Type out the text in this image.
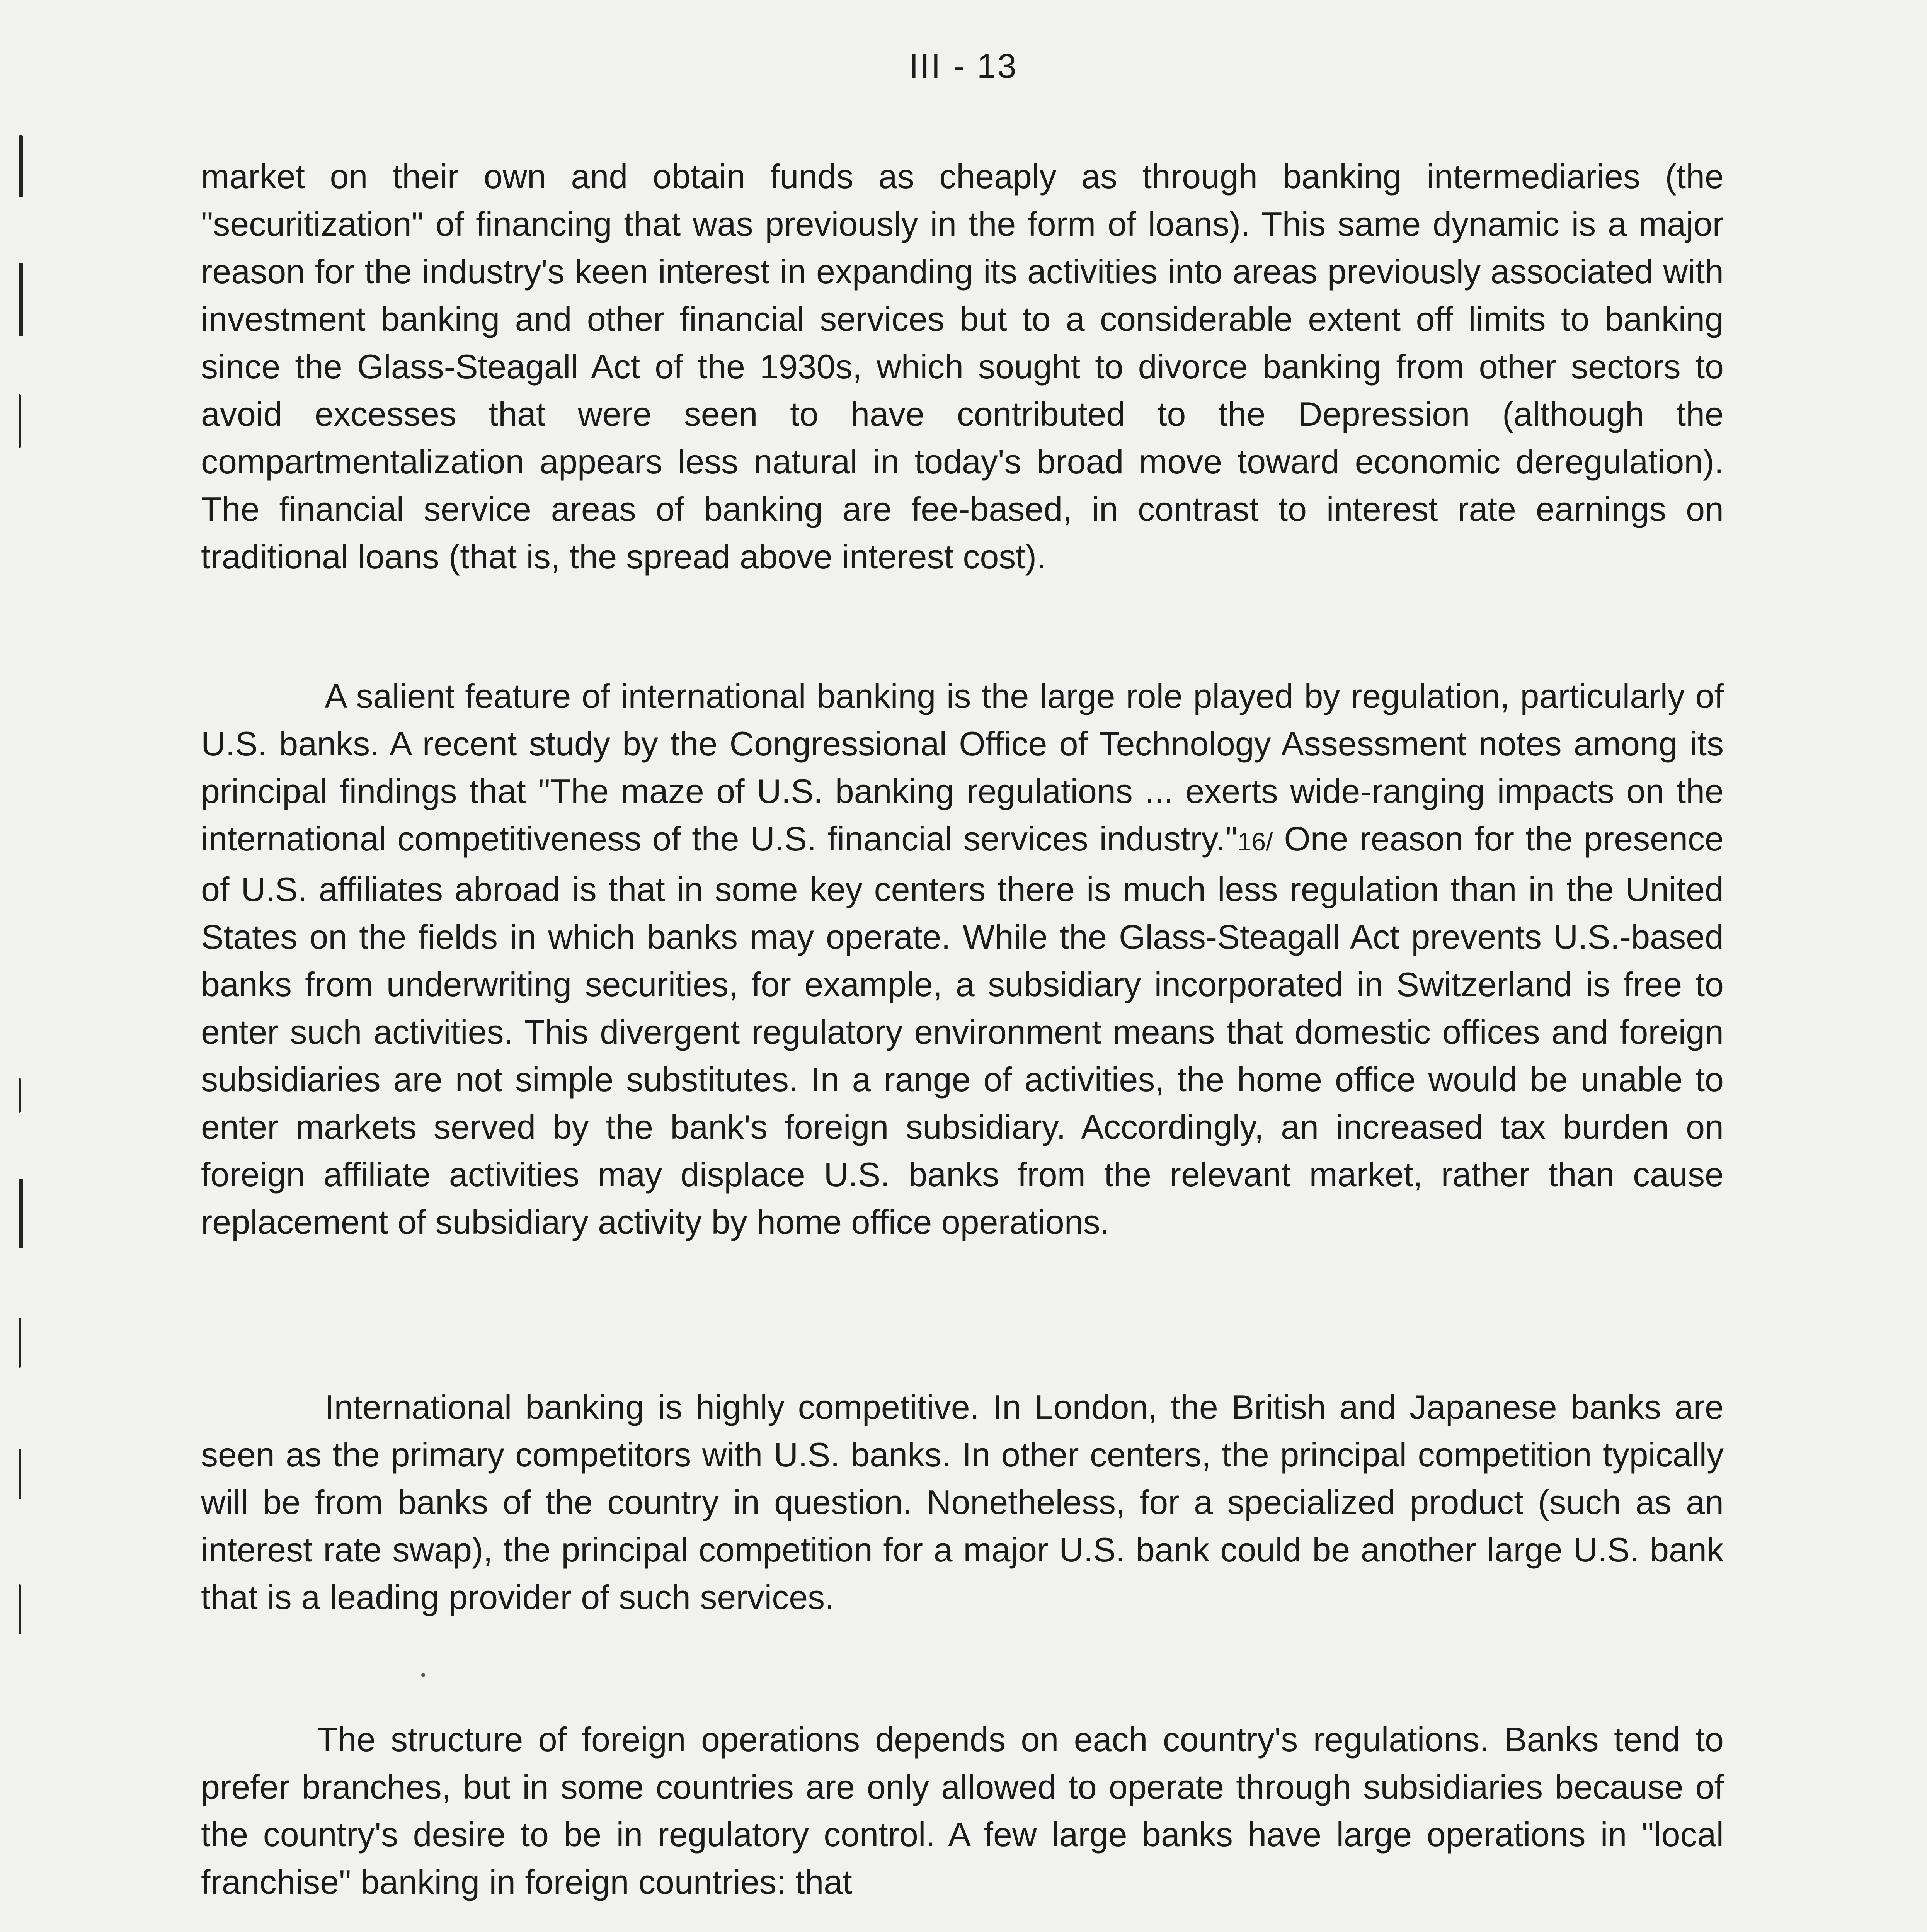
III - 13

market on their own and obtain funds as cheaply as through banking intermediaries (the "securitization" of financing that was previously in the form of loans). This same dynamic is a major reason for the industry's keen interest in expanding its activities into areas previously associated with investment banking and other financial services but to a considerable extent off limits to banking since the Glass-Steagall Act of the 1930s, which sought to divorce banking from other sectors to avoid excesses that were seen to have contributed to the Depression (although the compartmentalization appears less natural in today's broad move toward economic deregulation). The financial service areas of banking are fee-based, in contrast to interest rate earnings on traditional loans (that is, the spread above interest cost).

A salient feature of international banking is the large role played by regulation, particularly of U.S. banks. A recent study by the Congressional Office of Technology Assessment notes among its principal findings that "The maze of U.S. banking regulations ... exerts wide-ranging impacts on the international competitiveness of the U.S. financial services industry."16/ One reason for the presence of U.S. affiliates abroad is that in some key centers there is much less regulation than in the United States on the fields in which banks may operate. While the Glass-Steagall Act prevents U.S.-based banks from underwriting securities, for example, a subsidiary incorporated in Switzerland is free to enter such activities. This divergent regulatory environment means that domestic offices and foreign subsidiaries are not simple substitutes. In a range of activities, the home office would be unable to enter markets served by the bank's foreign subsidiary. Accordingly, an increased tax burden on foreign affiliate activities may displace U.S. banks from the relevant market, rather than cause replacement of subsidiary activity by home office operations.

International banking is highly competitive. In London, the British and Japanese banks are seen as the primary competitors with U.S. banks. In other centers, the principal competition typically will be from banks of the country in question. Nonetheless, for a specialized product (such as an interest rate swap), the principal competition for a major U.S. bank could be another large U.S. bank that is a leading provider of such services.

The structure of foreign operations depends on each country's regulations. Banks tend to prefer branches, but in some countries are only allowed to operate through subsidiaries because of the country's desire to be in regulatory control. A few large banks have large operations in "local franchise" banking in foreign countries: that
